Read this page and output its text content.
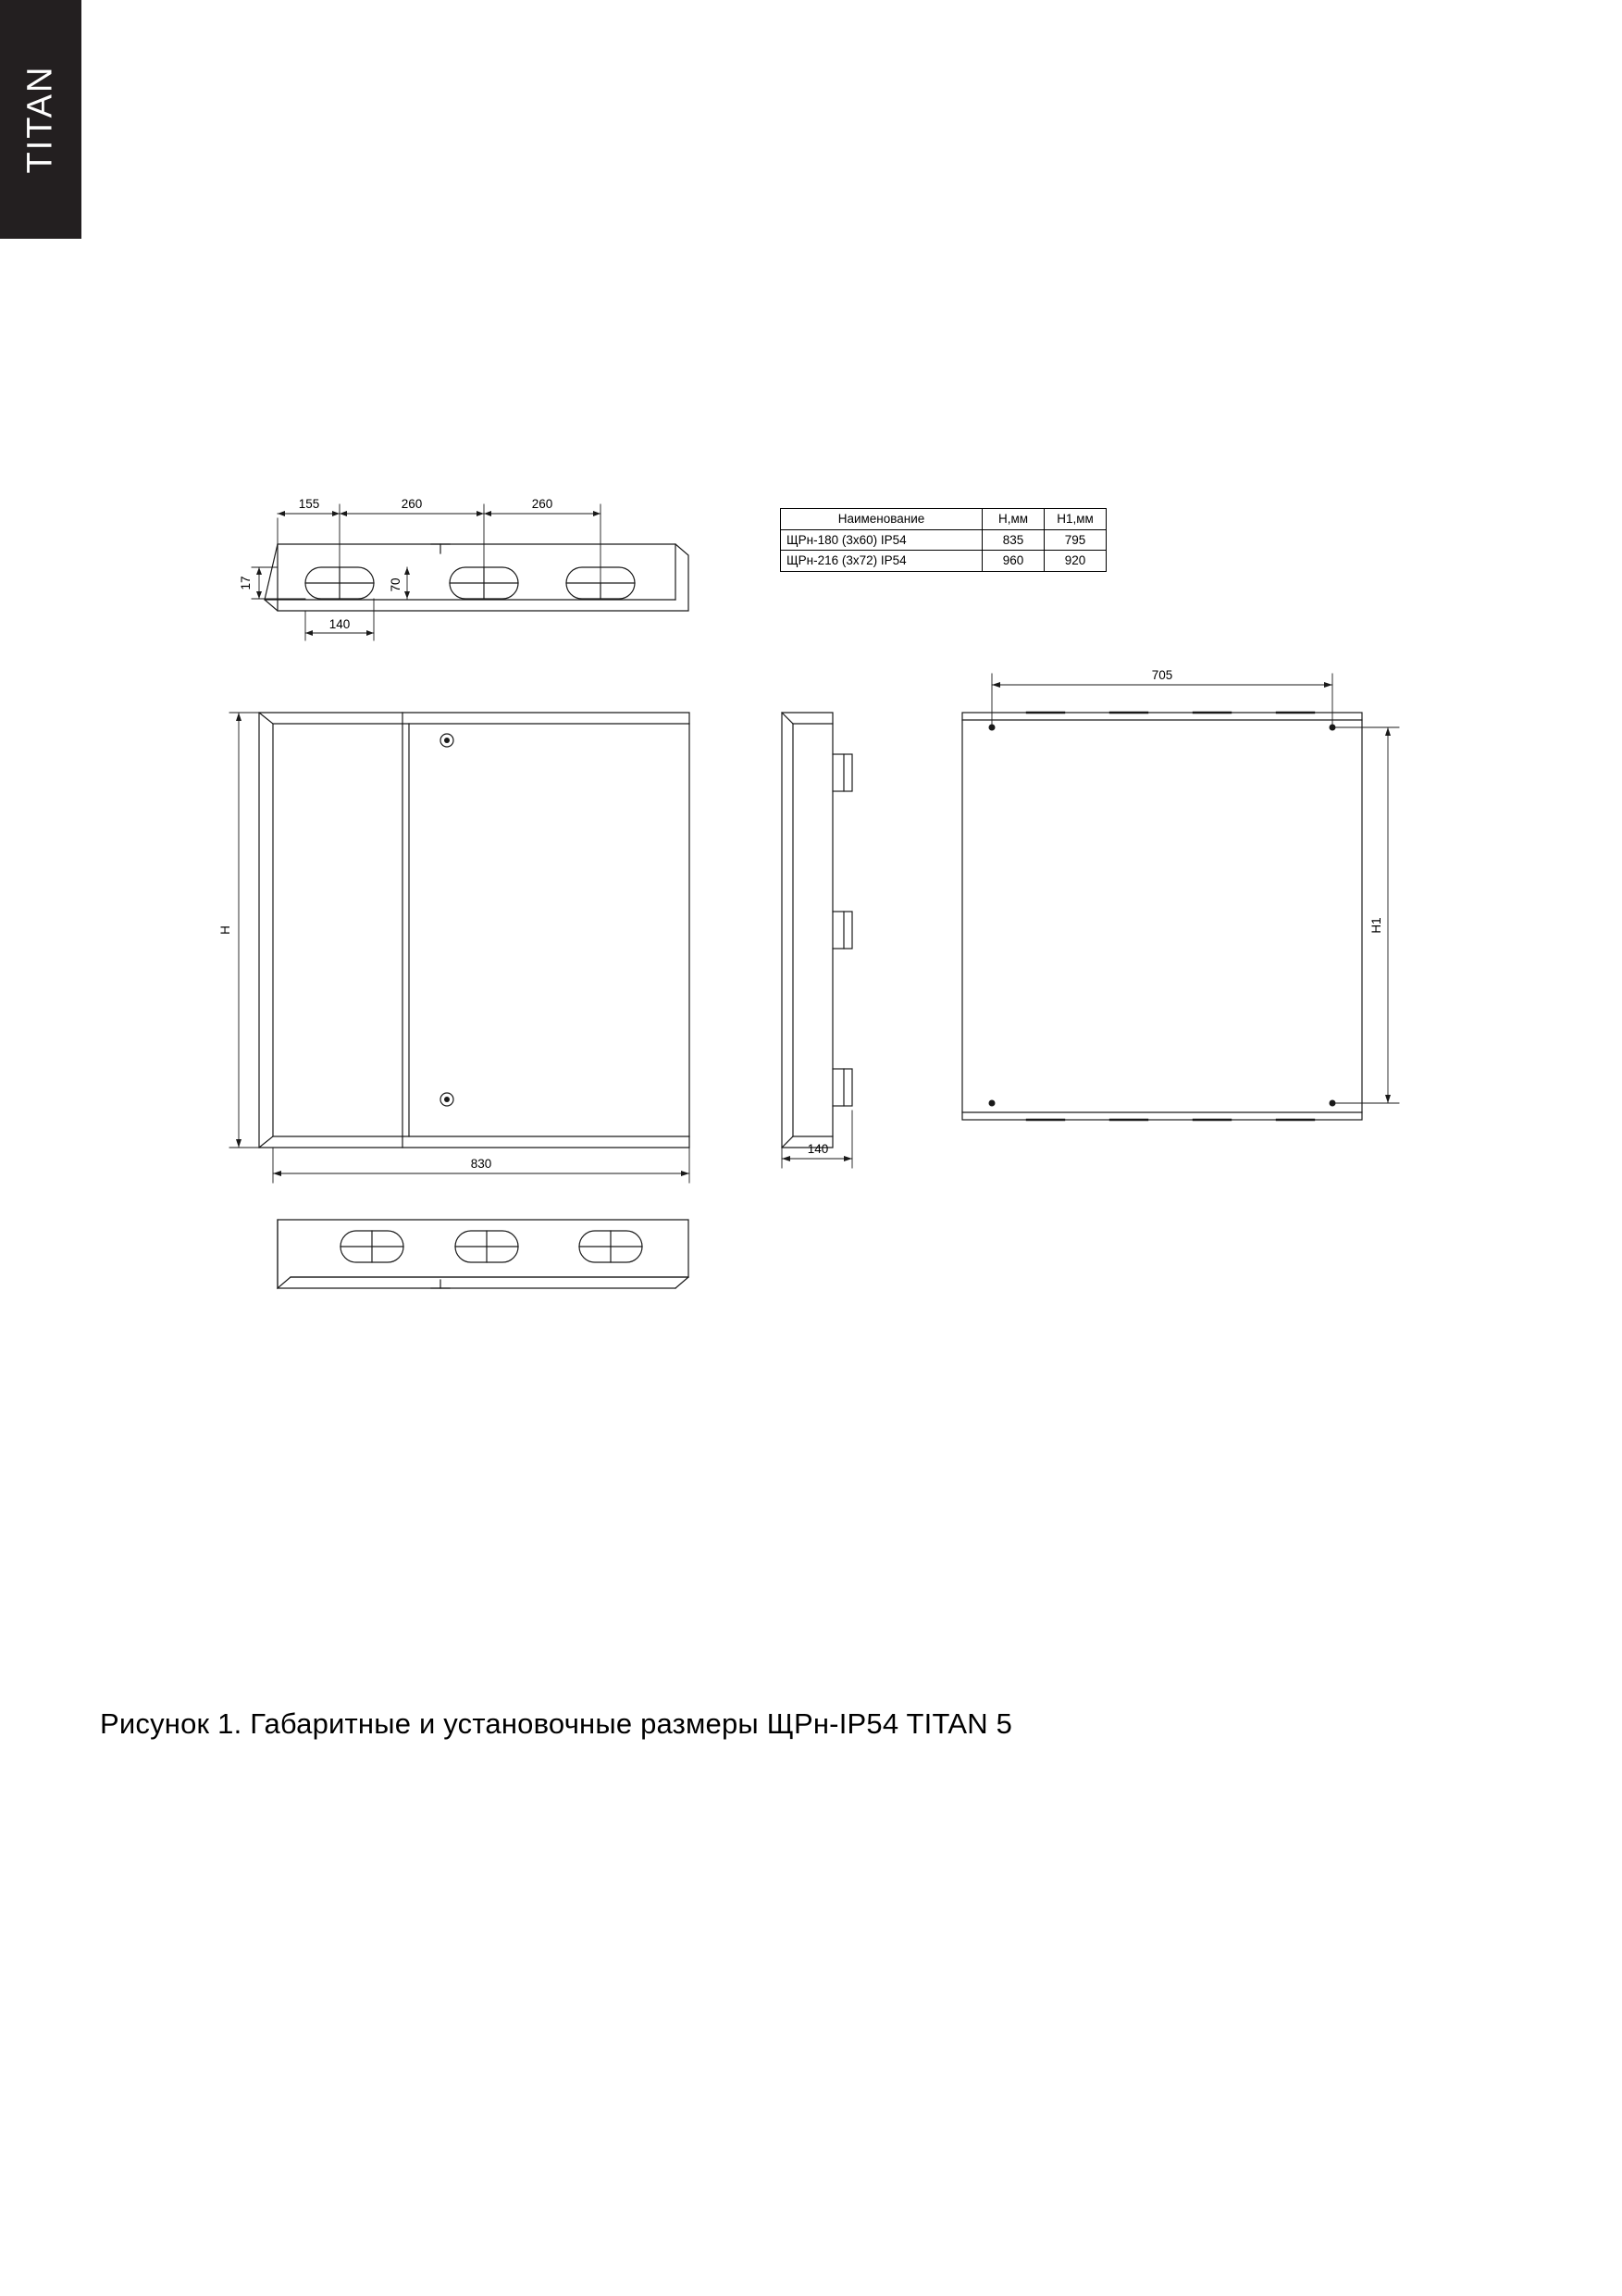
TITAN
155	260	260
140
17	70
H
830
140
705
H1
Наименование	H,мм	H1,мм
ЩРн-180 (3х60) IP54	835	795
ЩРн-216 (3х72) IP54	960	920
Рисунок 1. Габаритные и установочные размеры ЩРн-IP54 TITAN 5
